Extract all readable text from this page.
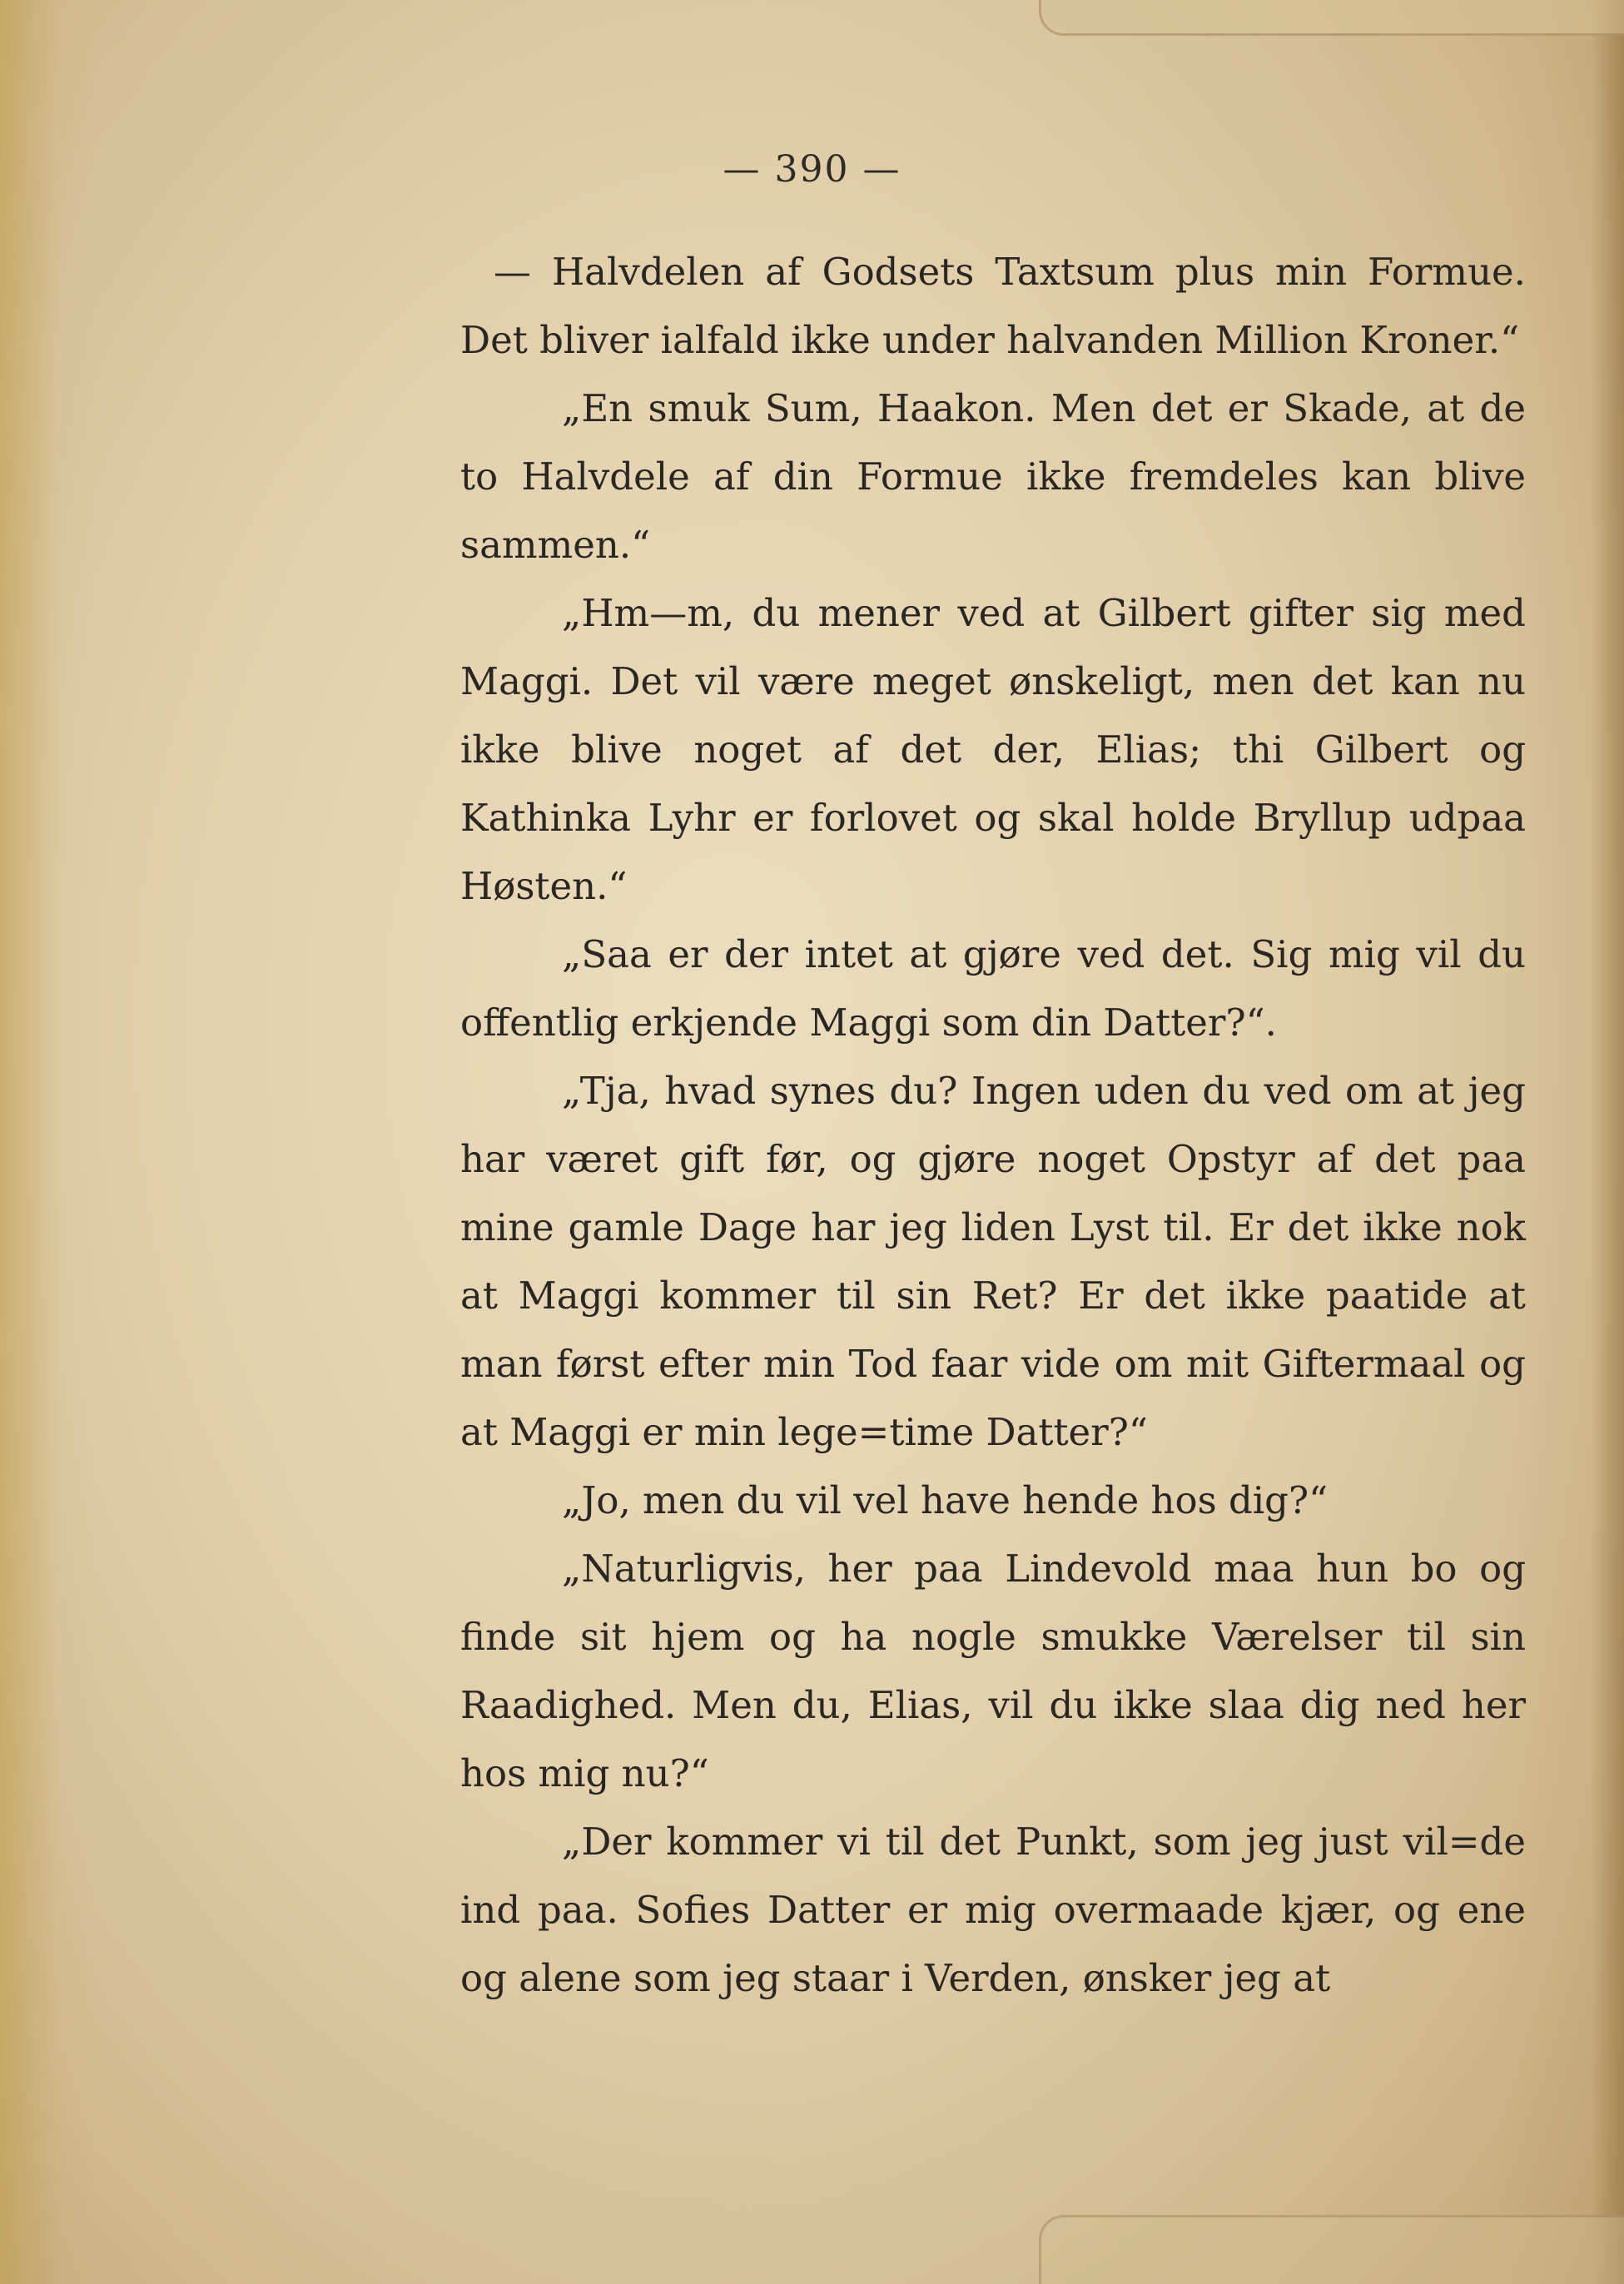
— 390 —

— Halvdelen af Godsets Taxtsum plus min Formue. Det bliver ialfald ikke under halvanden Million Kroner.“

„En smuk Sum, Haakon. Men det er Skade, at de to Halvdele af din Formue ikke fremdeles kan blive sammen.“

„Hm—m, du mener ved at Gilbert gifter sig med Maggi. Det vil være meget ønskeligt, men det kan nu ikke blive noget af det der, Elias; thi Gilbert og Kathinka Lyhr er forlovet og skal holde Bryllup udpaa Høsten.“

„Saa er der intet at gjøre ved det. Sig mig vil du offentlig erkjende Maggi som din Datter?“.

„Tja, hvad synes du? Ingen uden du ved om at jeg har været gift før, og gjøre noget Opstyr af det paa mine gamle Dage har jeg liden Lyst til. Er det ikke nok at Maggi kommer til sin Ret? Er det ikke paatide at man først efter min Tod faar vide om mit Giftermaal og at Maggi er min lege=time Datter?“

„Jo, men du vil vel have hende hos dig?“

„Naturligvis, her paa Lindevold maa hun bo og finde sit hjem og ha nogle smukke Værelser til sin Raadighed. Men du, Elias, vil du ikke slaa dig ned her hos mig nu?“

„Der kommer vi til det Punkt, som jeg just vil=de ind paa. Sofies Datter er mig overmaade kjær, og ene og alene som jeg staar i Verden, ønsker jeg at
